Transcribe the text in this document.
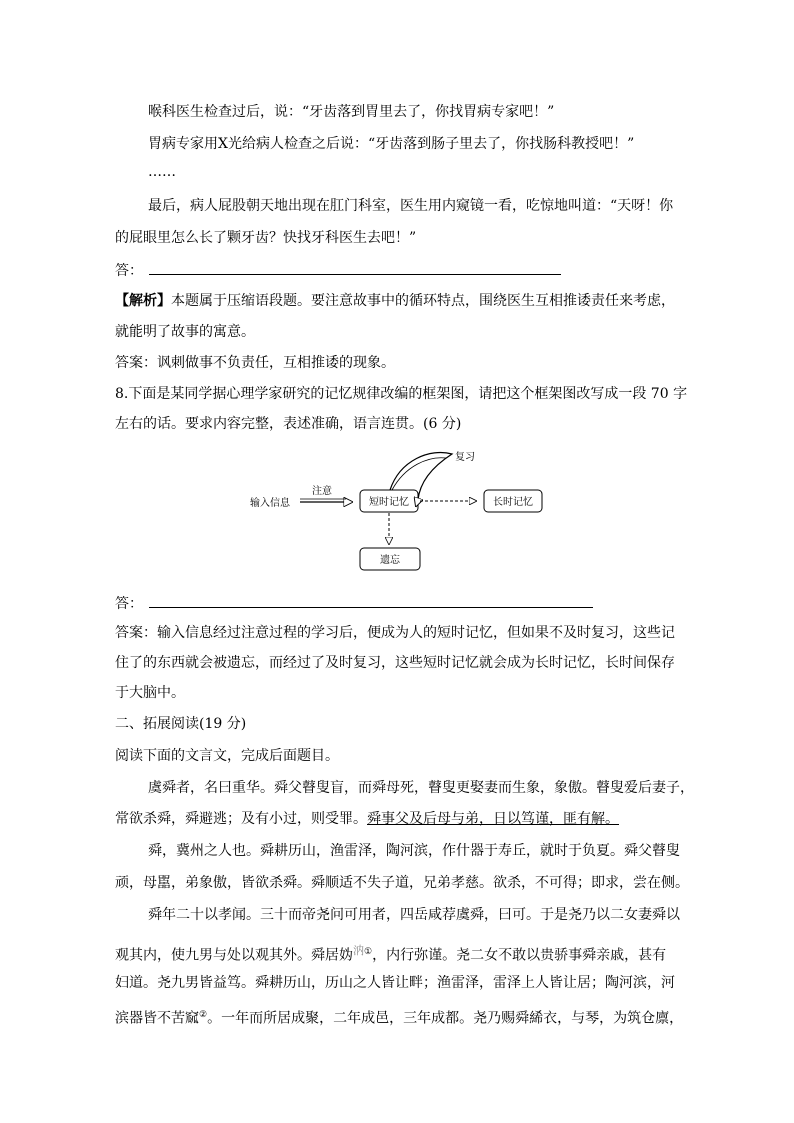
喉科医生检查过后，说：“牙齿落到胃里去了，你找胃病专家吧！”
胃病专家用X光给病人检查之后说：“牙齿落到肠子里去了，你找肠科教授吧！”
……
最后，病人屁股朝天地出现在肛门科室，医生用内窥镜一看，吃惊地叫道：“天呀！你
的屁眼里怎么长了颗牙齿？快找牙科医生去吧！”
答：
【解析】本题属于压缩语段题。要注意故事中的循环特点，围绕医生互相推诿责任来考虑，
就能明了故事的寓意。
答案：讽刺做事不负责任，互相推诿的现象。
8.下面是某同学据心理学家研究的记忆规律改编的框架图，请把这个框架图改写成一段 70 字
左右的话。要求内容完整，表述准确，语言连贯。(6 分)
输入信息
注意
短时记忆
复习
长时记忆
遗忘
答：
答案：输入信息经过注意过程的学习后，便成为人的短时记忆，但如果不及时复习，这些记
住了的东西就会被遗忘，而经过了及时复习，这些短时记忆就会成为长时记忆，长时间保存
于大脑中。
二、拓展阅读(19 分)
阅读下面的文言文，完成后面题目。
虞舜者，名曰重华。舜父瞽叟盲，而舜母死，瞽叟更娶妻而生象，象傲。瞽叟爱后妻子，
常欲杀舜，舜避逃；及有小过，则受罪。舜事父及后母与弟，日以笃谨，匪有解。
舜，冀州之人也。舜耕历山，渔雷泽，陶河滨，作什器于寿丘，就时于负夏。舜父瞽叟
顽，母嚚，弟象傲，皆欲杀舜。舜顺适不失子道，兄弟孝慈。欲杀，不可得；即求，尝在侧。
舜年二十以孝闻。三十而帝尧问可用者，四岳咸荐虞舜，曰可。于是尧乃以二女妻舜以
观其内，使九男与处以观其外。舜居妫$^{汭①}$，内行弥谨。尧二女不敢以贵骄事舜亲戚，甚有
妇道。尧九男皆益笃。舜耕历山，历山之人皆让畔；渔雷泽，雷泽上人皆让居；陶河滨，河
滨器皆不苦窳②。一年而所居成聚，二年成邑，三年成都。尧乃赐舜絺衣，与琴，为筑仓廪，
